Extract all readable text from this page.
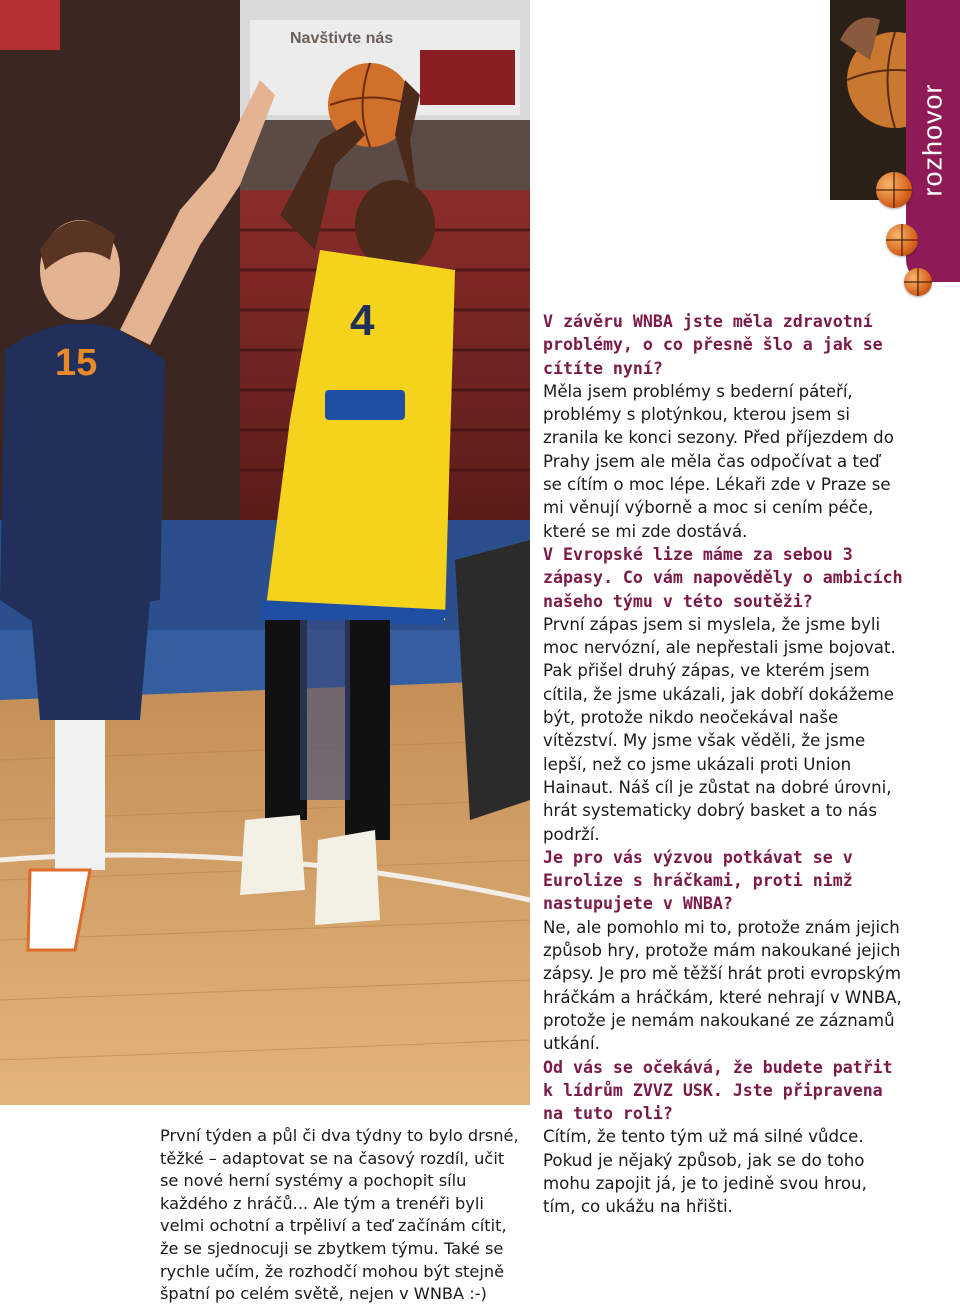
Navštivte nás
15
4
rozhovor

V závěru WNBA jste měla zdravotní problémy, o co přesně šlo a jak se cítíte nyní?

Měla jsem problémy s bederní páteří, problémy s plotýnkou, kterou jsem si zranila ke konci sezony. Před příjezdem do Prahy jsem ale měla čas odpočívat a teď se cítím o moc lépe. Lékaři zde v Praze se mi věnují výborně a moc si cením péče, které se mi zde dostává.

V Evropské lize máme za sebou 3 zápasy. Co vám napověděly o ambicích našeho týmu v této soutěži?

První zápas jsem si myslela, že jsme byli moc nervózní, ale nepřestali jsme bojovat. Pak přišel druhý zápas, ve kterém jsem cítila, že jsme ukázali, jak dobří dokážeme být, protože nikdo neočekával naše vítězství. My jsme však věděli, že jsme lepší, než co jsme ukázali proti Union Hainaut. Náš cíl je zůstat na dobré úrovni, hrát systematicky dobrý basket a to nás podrží.

Je pro vás výzvou potkávat se v Eurolize s hráčkami, proti nimž nastupujete v WNBA?

Ne, ale pomohlo mi to, protože znám jejich způsob hry, protože mám nakoukané jejich zápsy. Je pro mě těžší hrát proti evropským hráčkám a hráčkám, které nehrají v WNBA, protože je nemám nakoukané ze záznamů utkání.

Od vás se očekává, že budete patřit k lídrům ZVVZ USK. Jste připravena na tuto roli?

Cítím, že tento tým už má silné vůdce. Pokud je nějaký způsob, jak se do toho mohu zapojit já, je to jedině svou hrou, tím, co ukážu na hřišti.

První týden a půl či dva týdny to bylo drsné, těžké – adaptovat se na časový rozdíl, učit se nové herní systémy a pochopit sílu každého z hráčů... Ale tým a trenéři byli velmi ochotní a trpěliví a teď začínám cítit, že se sjednocuji se zbytkem týmu. Také se rychle učím, že rozhodčí mohou být stejně špatní po celém světě, nejen v WNBA :-)
